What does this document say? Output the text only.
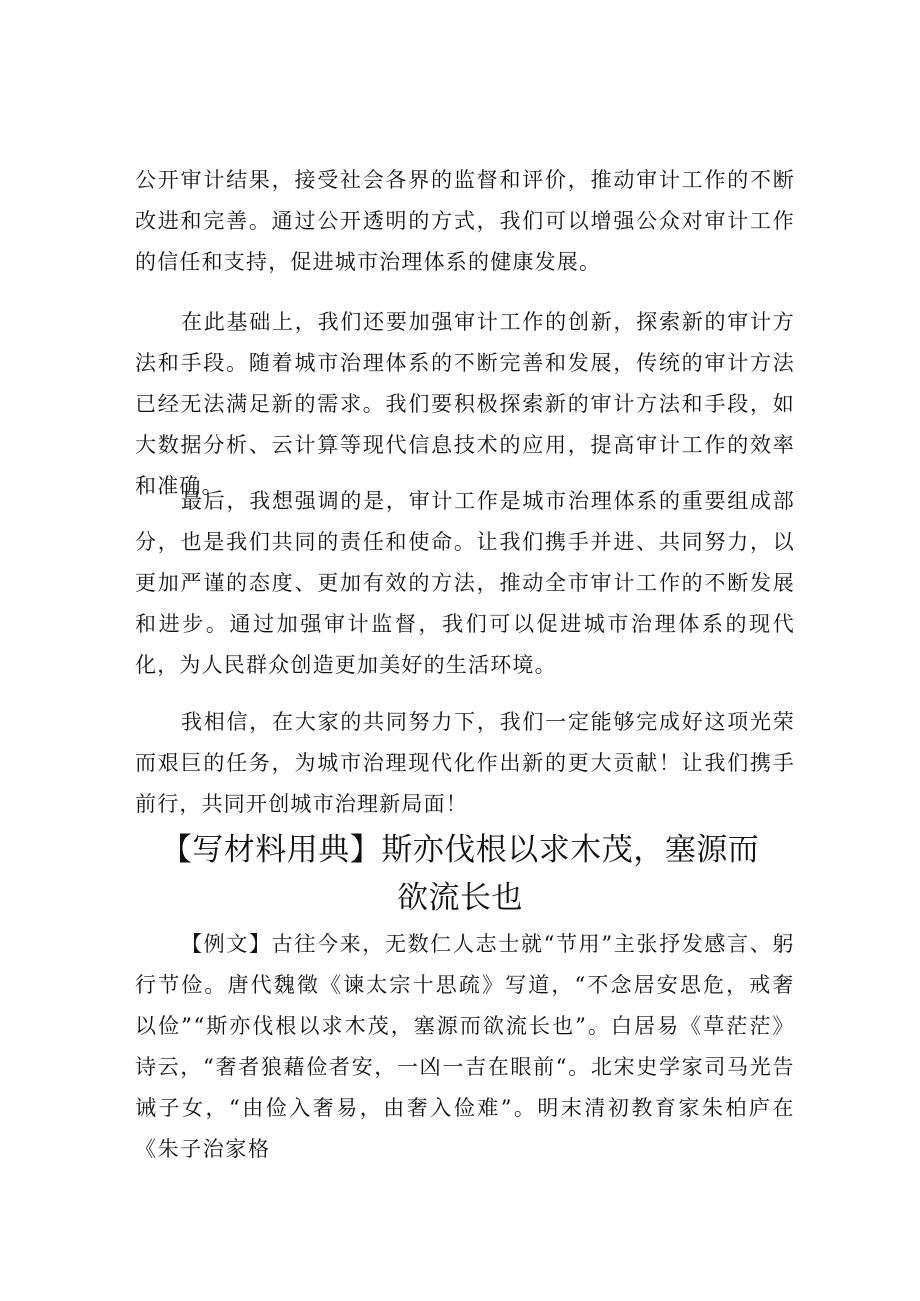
公开审计结果，接受社会各界的监督和评价，推动审计工作的不断改进和完善。通过公开透明的方式，我们可以增强公众对审计工作的信任和支持，促进城市治理体系的健康发展。

在此基础上，我们还要加强审计工作的创新，探索新的审计方法和手段。随着城市治理体系的不断完善和发展，传统的审计方法已经无法满足新的需求。我们要积极探索新的审计方法和手段，如大数据分析、云计算等现代信息技术的应用，提高审计工作的效率和准确。

最后，我想强调的是，审计工作是城市治理体系的重要组成部分，也是我们共同的责任和使命。让我们携手并进、共同努力，以更加严谨的态度、更加有效的方法，推动全市审计工作的不断发展和进步。通过加强审计监督，我们可以促进城市治理体系的现代化，为人民群众创造更加美好的生活环境。

我相信，在大家的共同努力下，我们一定能够完成好这项光荣而艰巨的任务，为城市治理现代化作出新的更大贡献！让我们携手前行，共同开创城市治理新局面！

【写材料用典】斯亦伐根以求木茂，塞源而欲流长也

【例文】古往今来，无数仁人志士就“节用”主张抒发感言、躬行节俭。唐代魏徵《谏太宗十思疏》写道，“不念居安思危，戒奢以俭”“斯亦伐根以求木茂，塞源而欲流长也”。白居易《草茫茫》诗云，“奢者狼藉俭者安，一凶一吉在眼前“。北宋史学家司马光告诫子女，“由俭入奢易，由奢入俭难”。明末清初教育家朱柏庐在《朱子治家格
